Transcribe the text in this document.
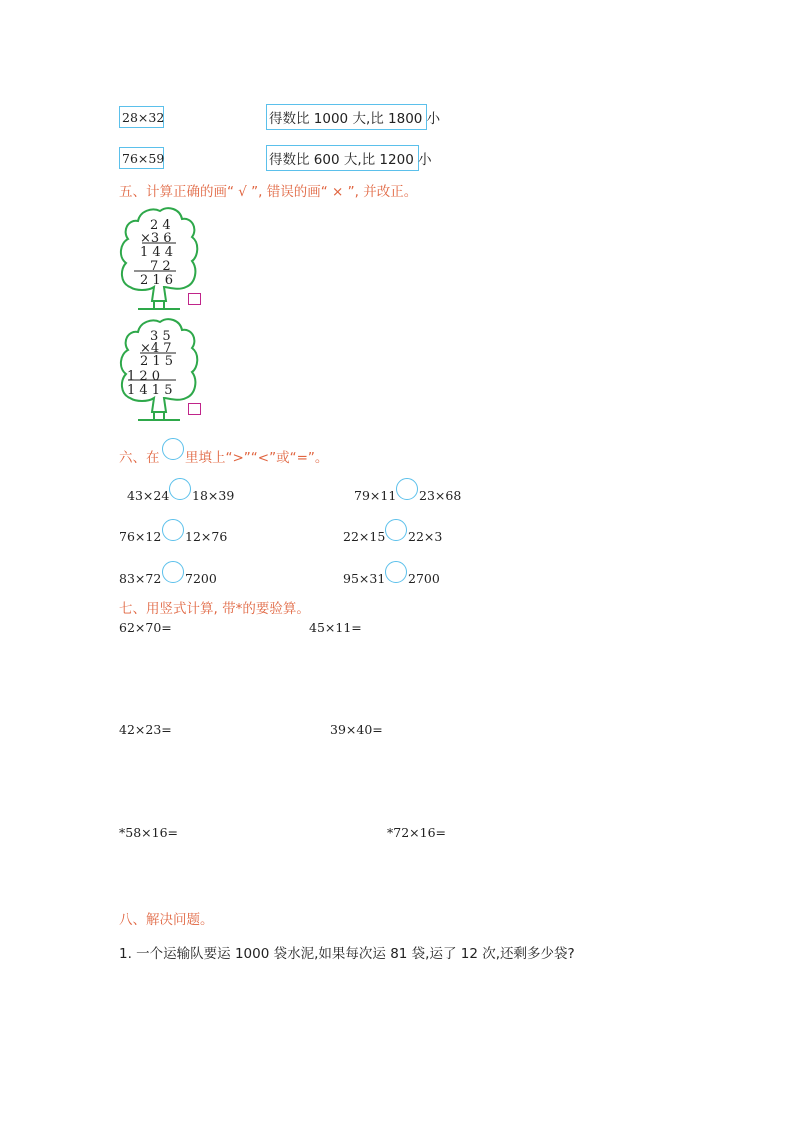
28×32	得数比 1000 大,比 1800 小
76×59	得数比 600 大,比 1200 小
五、计算正确的画“ √ ”, 错误的画“ × ”, 并改正。
2 4
×3 6
1 4 4
7 2
2 1 6
3 5
×4 7
2 1 5
1 2 0
1 4 1 5
六、在 里填上“>”“<”或“=”。
43×24 18×39	79×11 23×68
76×12 12×76	22×15 22×3
83×72 7200	95×31 2700
七、用竖式计算, 带*的要验算。
62×70=	45×11=
42×23=	39×40=
*58×16=	*72×16=
八、解决问题。
1. 一个运输队要运 1000 袋水泥,如果每次运 81 袋,运了 12 次,还剩多少袋?
